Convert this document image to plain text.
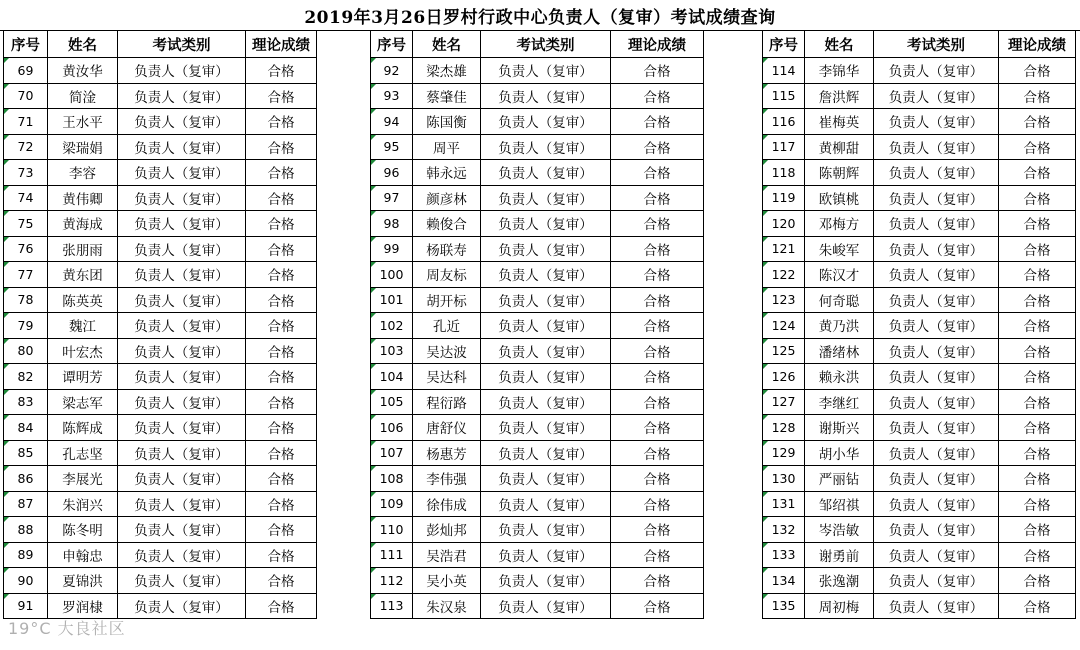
2019年3月26日罗村行政中心负责人（复审）考试成绩查询
序号	姓名	考试类别	理论成绩
69	黄汝华	负责人（复审）	合格
70	简淦	负责人（复审）	合格
71	王水平	负责人（复审）	合格
72	梁瑞娟	负责人（复审）	合格
73	李容	负责人（复审）	合格
74	黄伟卿	负责人（复审）	合格
75	黄海成	负责人（复审）	合格
76	张朋雨	负责人（复审）	合格
77	黄东团	负责人（复审）	合格
78	陈英英	负责人（复审）	合格
79	魏江	负责人（复审）	合格
80	叶宏杰	负责人（复审）	合格
82	谭明芳	负责人（复审）	合格
83	梁志军	负责人（复审）	合格
84	陈辉成	负责人（复审）	合格
85	孔志坚	负责人（复审）	合格
86	李展光	负责人（复审）	合格
87	朱润兴	负责人（复审）	合格
88	陈冬明	负责人（复审）	合格
89	申翰忠	负责人（复审）	合格
90	夏锦洪	负责人（复审）	合格
91	罗润棣	负责人（复审）	合格
序号	姓名	考试类别	理论成绩
92	梁杰雄	负责人（复审）	合格
93	蔡肇佳	负责人（复审）	合格
94	陈国衡	负责人（复审）	合格
95	周平	负责人（复审）	合格
96	韩永远	负责人（复审）	合格
97	颜彦林	负责人（复审）	合格
98	赖俊合	负责人（复审）	合格
99	杨联寿	负责人（复审）	合格
100	周友标	负责人（复审）	合格
101	胡开标	负责人（复审）	合格
102	孔近	负责人（复审）	合格
103	吴达波	负责人（复审）	合格
104	吴达科	负责人（复审）	合格
105	程衍路	负责人（复审）	合格
106	唐舒仪	负责人（复审）	合格
107	杨惠芳	负责人（复审）	合格
108	李伟强	负责人（复审）	合格
109	徐伟成	负责人（复审）	合格
110	彭灿邦	负责人（复审）	合格
111	吴浩君	负责人（复审）	合格
112	吴小英	负责人（复审）	合格
113	朱汉泉	负责人（复审）	合格
序号	姓名	考试类别	理论成绩
114	李锦华	负责人（复审）	合格
115	詹洪辉	负责人（复审）	合格
116	崔梅英	负责人（复审）	合格
117	黄柳甜	负责人（复审）	合格
118	陈朝辉	负责人（复审）	合格
119	欧镇桃	负责人（复审）	合格
120	邓梅方	负责人（复审）	合格
121	朱峻军	负责人（复审）	合格
122	陈汉才	负责人（复审）	合格
123	何奇聪	负责人（复审）	合格
124	黄乃洪	负责人（复审）	合格
125	潘绪林	负责人（复审）	合格
126	赖永洪	负责人（复审）	合格
127	李继红	负责人（复审）	合格
128	谢斯兴	负责人（复审）	合格
129	胡小华	负责人（复审）	合格
130	严丽钻	负责人（复审）	合格
131	邹绍祺	负责人（复审）	合格
132	岑浩敏	负责人（复审）	合格
133	谢勇前	负责人（复审）	合格
134	张逸潮	负责人（复审）	合格
135	周初梅	负责人（复审）	合格
19°C 大良社区
